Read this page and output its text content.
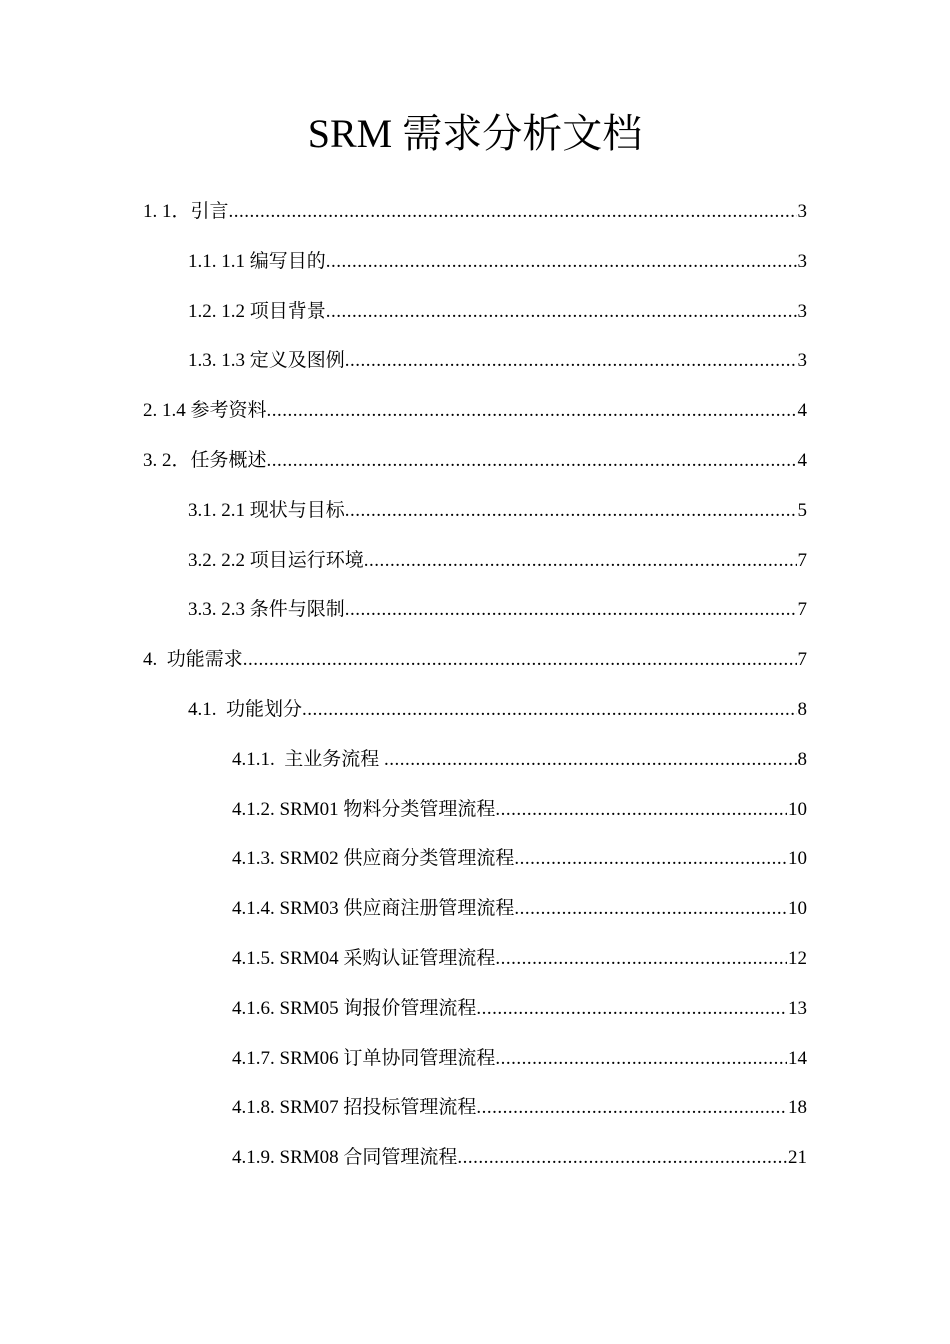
SRM 需求分析文档
1. 1． 引言 .....	3
1.1. 1.1 编写目的 .....	3
1.2. 1.2 项目背景 .....	3
1.3. 1.3 定义及图例 .....	3
2. 1.4 参考资料 .....	4
3. 2． 任务概述 .....	4
3.1. 2.1 现状与目标 .....	5
3.2. 2.2 项目运行环境 .....	7
3.3. 2.3 条件与限制 .....	7
4. 功能需求 .....	7
4.1. 功能划分 .....	8
4.1.1. 主业务流程 .....	8
4.1.2. SRM01 物料分类管理流程 .....	10
4.1.3. SRM02 供应商分类管理流程 .....	10
4.1.4. SRM03 供应商注册管理流程 .....	10
4.1.5. SRM04 采购认证管理流程 .....	12
4.1.6. SRM05 询报价管理流程 .....	13
4.1.7. SRM06 订单协同管理流程 .....	14
4.1.8. SRM07 招投标管理流程 .....	18
4.1.9. SRM08 合同管理流程 .....	21
